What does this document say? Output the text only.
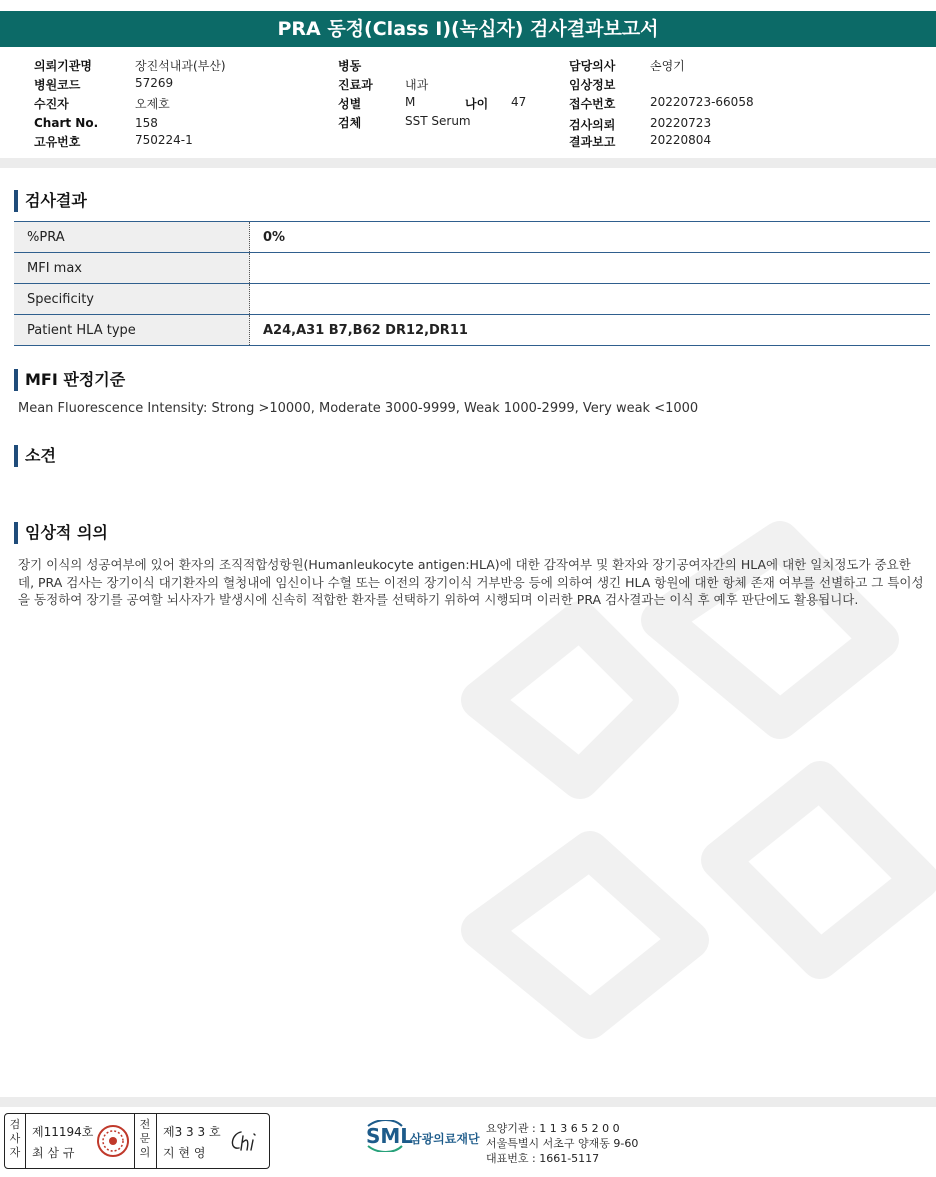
PRA 동정(Class I)(녹십자) 검사결과보고서
의뢰기관명	장진석내과(부산)
병원코드	57269
수진자	오제호
Chart No.	158
고유번호	750224-1
병동
진료과	내과
성별	M	나이 47
검체	SST Serum
담당의사	손영기
임상정보
접수번호	20220723-66058
검사의뢰	20220723
결과보고	20220804
검사결과
%PRA	0%
MFI max	
Specificity	
Patient HLA type	A24,A31 B7,B62 DR12,DR11
MFI 판정기준
Mean Fluorescence Intensity: Strong >10000, Moderate 3000-9999, Weak 1000-2999, Very weak <1000
소견
임상적 의의
장기 이식의 성공여부에 있어 환자의 조직적합성항원(Humanleukocyte antigen:HLA)에 대한 감작여부 및 환자와 장기공여자간의 HLA에 대한 일치정도가 중요한데, PRA 검사는 장기이식 대기환자의 혈청내에 임신이나 수혈 또는 이전의 장기이식 거부반응 등에 의하여 생긴 HLA 항원에 대한 항체 존재 여부를 선별하고 그 특이성을 동정하여 장기를 공여할 뇌사자가 발생시에 신속히 적합한 환자를 선택하기 위하여 시행되며 이러한 PRA 검사결과는 이식 후 예후 판단에도 활용됩니다.
검사자
제11194호
최 삼 규
전문의
제3 3 3 호
지 현 영
SML
삼광의료재단
요양기관 : 1 1 3 6 5 2 0 0
서울특별시 서초구 양재동 9-60
대표번호 : 1661-5117
